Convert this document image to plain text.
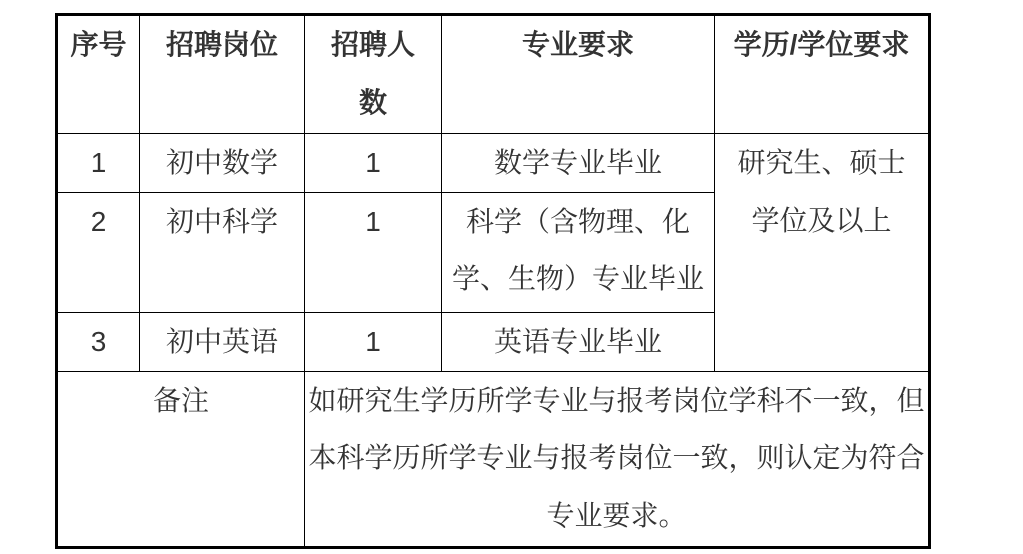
序号	招聘岗位	招聘人数	专业要求	学历/学位要求
1	初中数学	1	数学专业毕业	研究生、硕士学位及以上
2	初中科学	1	科学（含物理、化学、生物）专业毕业	
3	初中英语	1	英语专业毕业	
备注		如研究生学历所学专业与报考岗位学科不一致，但本科学历所学专业与报考岗位一致，则认定为符合专业要求。		
